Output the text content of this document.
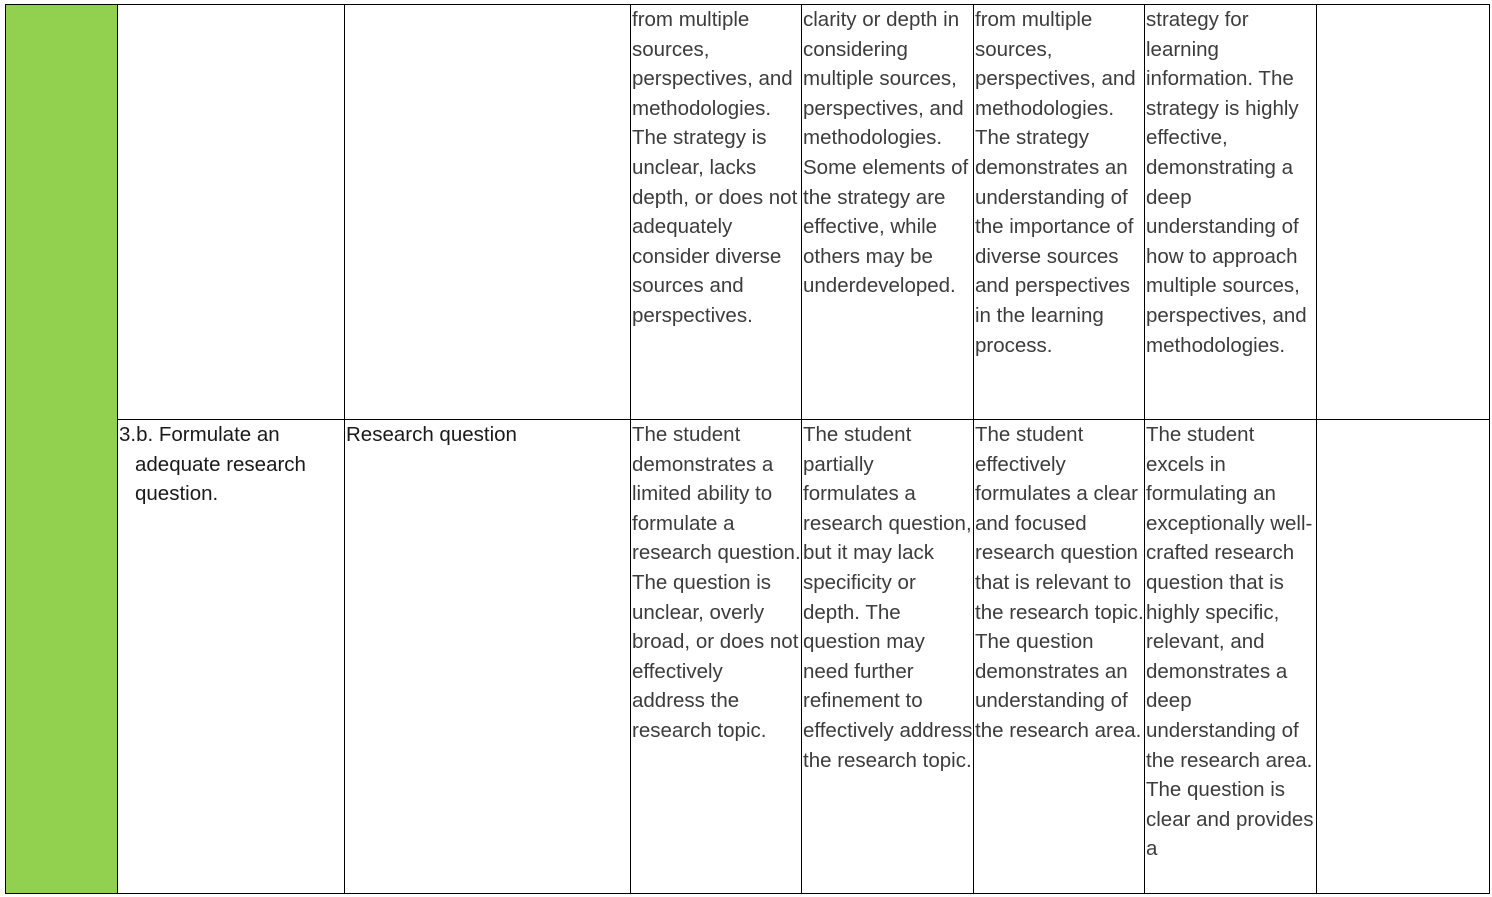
			from multiple sources, perspectives, and methodologies. The strategy is unclear, lacks depth, or does not adequately consider diverse sources and perspectives.	clarity or depth in considering multiple sources, perspectives, and methodologies. Some elements of the strategy are effective, while others may be underdeveloped.	from multiple sources, perspectives, and methodologies. The strategy demonstrates an understanding of the importance of diverse sources and perspectives in the learning process.	strategy for learning information. The strategy is highly effective, demonstrating a deep understanding of how to approach multiple sources, perspectives, and methodologies.	

	3.b. Formulate an adequate research question.	Research question	The student demonstrates a limited ability to formulate a research question. The question is unclear, overly broad, or does not effectively address the research topic.	The student partially formulates a research question, but it may lack specificity or depth. The question may need further refinement to effectively address the research topic.	The student effectively formulates a clear and focused research question that is relevant to the research topic. The question demonstrates an understanding of the research area.	The student excels in formulating an exceptionally well-crafted research question that is highly specific, relevant, and demonstrates a deep understanding of the research area. The question is clear and provides a	
